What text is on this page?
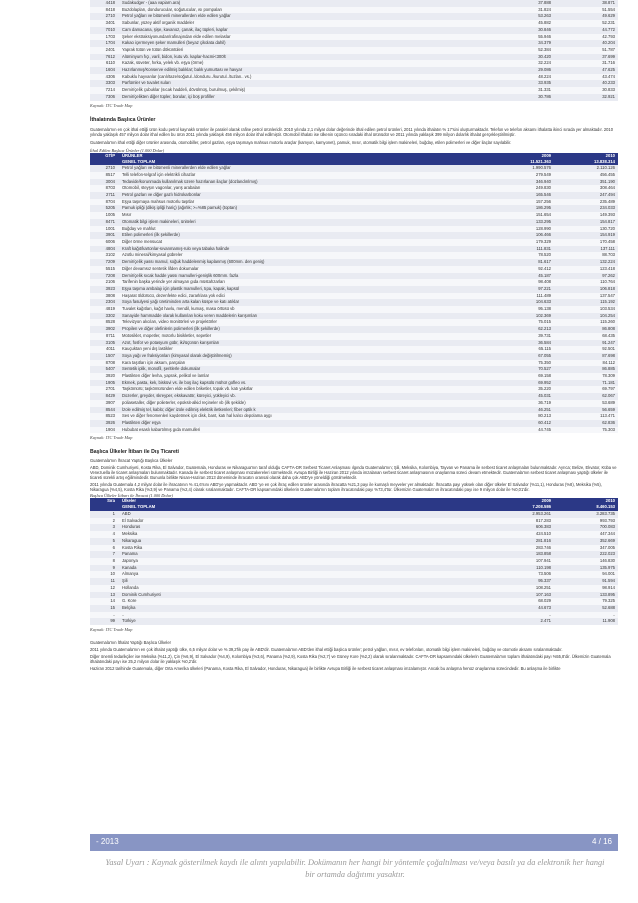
4418	Sudakudger - (aaa vapiarn.ara)	37.888	38.871
8418	Buzdolapları, dondurucular, soğutucular, ısı pompaları	31.824	51.554
2710	Petrol yağları ve bitümenli minerallerden elde edilen yağlar	53.263	49.629
3401	Sabunlar, yüzey aktif organik maddeler	45.882	52.231
7010	Cam damacana, şişe, kavanoz, çanak, ilaç tüpleri, kaplar	30.846	44.772
1703	Şeker ekstraksiyonundan/rafinajından elde edilen melaslar	55.946	42.793
1704	Kakao içermeyen şeker mamulleri (beyaz çikolata dahil)	34.379	40.204
2401	Yaprak tütün ve tütün döküntüleri	52.384	51.787
7612	Alüminyum fıçı, varil, bidon, kutu vb. kaplar-hacmi<300lt	30.420	37.699
6110	Kazak, süveter, hırka, yelek vb. eşya (örme)	32.224	31.716
1604	Hazırlanmış/Konserve edilmiş balıklar; balık yumurtası ve havyar	29.086	47.625
4306	Kabuklu hayvanlar (canlı/taze/soğutul../donduru../kurutul../tuzlan.. vs.)	48.224	43.474
3303	Parfümler ve tuvalet suları	33.935	40.233
7214	Demir/çelik çubuklar (sıcak haddeli, dövülmüş, burulmuş, çekilmiş)	31.331	30.833
7306	Demir/çelikten diğer tüpler, borular, içi boş profiller	30.786	32.921
Kaynak: ITC Trade Map

İthalatında Başlıca Ürünler

Guatemala'nın en çok ithal ettiği ürün kodu petrol kaynaklı ürünler ile paralel olarak rafine petrol ürünleridir. 2010 yılında 2,1 milyar dolar değerinde ithal edilen petrol ürünleri, 2011 yılında ithalatın % 17'sini oluşturmaktadır. Telefon ve telefon aksamı ithalatta ikinci sırada yer almaktadır. 2010 yılında yaklaşık 457 milyon dolar ithal edilen bu ürün 2011 yılında yaklaşık 456 milyon dolar ithal edilmiştir. Otomobil ithalatı ise ülkenin üçüncü sıradaki ithal ürünüdür ve 2011 yılında yaklaşık 399 milyon dolarlık ithalat gerçekleştirilmiştir.

Guatemala'nın ithal ettiği diğer ürünler arasında, otomobiller, petrol gazları, eşya taşımaya mahsus motorlu araçlar (kamyon, kamyonet), pamuk, mısır, otomatik bilgi işlem makineleri, buğday, etilen polimerleri ve diğer ilaçlar sayılabilir.

İthal Edilen Başlıca Ürünler (1.000 Dolar)

GTİP	ÜRÜNLER	2009	2010
	GENEL TOPLAM	11.521.363	13.838.314
2710	Petrol yağları ve bitümenli minerallerden elde edilen yağlar	1.990.576	2.110.126
8517	Telli telefon-telgraf için elektrikli cihazlar	279.549	456.455
3004	Tedavide/korunmada kullanılmak üzere hazırlanan ilaçlar (dozlandırılmış)	346.940	351.190
8703	Otomobil, steyşın vagonlar, yarış arabaları	249.830	308.464
2711	Petrol gazları ve diğer gazlı hidrokarbonlar	165.546	247.494
8704	Eşya taşımaya mahsus motorlu taşıtlar	157.256	235.489
5205	Pamuk ipliği (dikiş ipliği hariç) (ağırlık; >=%85 pamuk) (toptan)	186.295	234.033
1005	Mısır	151.654	149.393
8471	Otomatik bilgi işlem makineleri, üniteleri	133.295	154.817
1001	Buğday ve mahlut	128.990	130.720
3901	Etilen polimerleri (ilk şekillerde)	106.466	154.919
6006	Diğer örme mensucat	179.329	170.458
4804	Kraft kağıt/kartonlar-sıvanmamış-rulo veya tabaka halinde	111.831	137.111
3102	Azotlu mineral/kimyasal gübreler	78.520	88.703
7209	Demir/çelik yassı mamul, soğuk haddelenmiş kaplanmış (600mm. den geniş)	81.617	132.224
5515	Diğer devamsız sentetik lifden dokumalar	92.412	123.418
7208	Demir/çelik sıcak hadde yassı mamulleri-genişlik 600mm. fazla	45.187	97.262
2106	Tarifenin başka yerinde yer almayan gıda müstahzarları	98.408	110.764
3923	Eşya taşıma ambalajı için plastik mamulleri, tıpa, kapak, kapsül	97.221	106.818
3808	Haşarat öldürücü, dezenfekte edici, zararlılara yok edici	111.489	137.547
2304	Soya fasulyesi yağı üretiminden arta kalan küspe ve katı atıklar	104.633	115.192
4819	Tuvalet kağıtları, kağıt havlu, mendil, kumaş, masa örtüsü vb	95.138	103.534
3302	Sanayide hammadde olarak kullanılan koku veren maddelerin karışımları	102.369	104.254
8528	Televizyon alıcıları, video monitörleri ve projektörler	75.015	115.260
3902	Propilen ve diğer olefinlerin polimerleri (ilk şekillerde)	62.213	86.808
8711	Motosiklet, mopetler, motorlu bisikletler, sepetler	39.731	68.435
3105	Azot, fosfor ve potasyum gübr, iki/üçünün karışımları	36.584	91.247
4011	Kauçuktan yeni dış lastikler	65.115	92.501
1507	Soya yağı ve fraksiyonları (kimyasal olarak değiştirilmemiş)	67.055	87.698
8708	Kara taşıtları için aksam, parçaları	75.350	84.112
5407	Sentetik iplik, monofil, şeritlerle dokumalar	70.527	86.885
3920	Plastikten diğer levha, yaprak, pelikül ve lamlar	69.158	78.309
1905	Ekmek, pasta, kek, bisküvi vs. ile boş ilaç kapsülü mühür gofleo vs.	69.952	71.181
2701	Taşkömürü; taşkömüründen elde edilen briketler, topak vb. katı yakıtlar	35.220	69.797
8429	Dozerler, greyder, skreyper, ekskavatör, küreyici, yükleyici vb.	45.031	62.067
3907	poliasetaller, diğer polieterler, epoksit-alkid reçineler vb (ilk şekilde)	36.719	53.689
8544	İzole edilmiş tel, kablo; diğer izole edilmiş elektrik iletkenleri; fiber optik k	46.251	56.659
8523	Ses ve diğer fenomenleri kaydetmek için disk, bant, katı hal kalıcı depolama aygı	80.213	113.471
3926	Plastikten diğer eşya	60.412	62.836
1904	Hububat esaslı kabartılmış gıda mamulleri	44.745	75.303
Kaynak: ITC Trade Map

Başlıca Ülkeler İtibarı ile Dış Ticareti

Guatemala'nın İhracat Yaptığı Başlıca Ülkeler

ABD, Dominik Cumhuriyeti, Kosta Rika, El Salvador, Guatemala, Honduras ve Nikaragua'nın taraf olduğu CAFTA-DR Serbest Ticaret Anlaşması ılgında Guatemala'nın; Şili, Meksika, Kolombiya, Tayvan ve Panama ile serbest ticaret anlaşmaları bulunmaktadır. Ayrıca; Belize, Ekvator, Küba ve Venezuella ile ticaret anlaşmaları bulunmaktadır. Kanada ile serbest ticaret anlaşması müzakereleri sürmektedir. Avrupa Birliği ile Haziran 2012 yılında imzalanan serbest ticaret anlaşmasının onaylanma süreci devam etmektedir. Guatemala'nın serbest ticaret anlaşması yaptığı ülkeler ile ticareti sürekli artış eğilimindedir. Bununla birlikte Nisan-Haziran 2013 döneminde ihracatın oransal olarak daha çok ABD'ye yöneldiği görülmektedir.

2011 yılında Guatemala 4,2 milyar dolar ile ihracatının % 41,6'sını ABD'ye yapmaktadır. ABD 'ye en çok ihraç edilen ürünler arasında ihracatta %21,3 payı ile kumaşlı meyveler yer almaktadır. İhracatta payı yüksek olan diğer ülkeler El Salvador (%11,1), Honduras (%8), Meksika (%5), Nikaragua (%4,5), Kosta Rika (%3,9) ve Panama (%2,4) olarak sıralanmaktadır. CAFTA-DR kapsamındaki ülkelerin Guatemala'nın toplam ihracatındaki payı %73,4'tür. Ülkemizin Guatemala'nın ihracatındaki payı ise 9 milyon dolar ile %0,01'dir.

Başlıca Ülkeler İtibarı ile İhracat (1.000 Dolar)

Sıra	Ülkeler	2009	2010
	GENEL TOPLAM	7.208.586	8.460.153
1	ABD	2.953.261	3.283.735
2	El Salvador	817.283	993.793
3	Honduras	606.383	700.083
4	Meksika	424.510	447.344
5	Nikaragua	281.816	352.669
6	Kosta Rika	283.746	347.005
7	Panama	183.858	222.023
8	Japonya	107.941	146.830
9	Kanada	110.198	135.975
10	Almanya	73.506	94.001
11	Şili	95.337	91.594
12	Hollanda	108.251	98.914
13	Dominik Cumhuriyeti	107.163	133.895
14	G. Kore	68.029	79.325
15	Belçika	44.673	52.688
..	..	..	..
99	Türkiye	2.471	11.908
Kaynak: ITC Trade Map

Guatemala'nın İthalat Yaptığı Başlıca Ülkeler

2011 yılında Guatemala'nın en çok ithalat yaptığı ülke, 6,5 milyar dolar ve % 39,2'lik pay ile ABD'dir. Guatemala'nın ABD'den ithal ettiği başlıca ürünler; petrol yağları, mısır, ev telefonları, otomatik bilgi işlem makineleri, buğday ve otomotiv aksamı sıralanmaktadır.

Diğer önemli tedarikçiler ise Meksika (%11,2), Çin (%6,9), El Salvador (%4,9), Kolombiya (%3,6), Panama (%2,9), Kosta Rika (%2,7) ve Güney Kore (%2,2) olarak sıralanmaktadır. CAFTA-DR kapsamındaki ülkelerin Guatemala'nın toplam ithalatındaki payı %55,8'dir. Ülkemizin Guatemala ithalatındaki payı ise 25,2 milyon dolar ile yaklaşık %0,2'dir.

Haziran 2012 tarihinde Guatemala, diğer Orta Amerika ülkeleri (Panama, Kosta Rika, El Salvador, Honduras, Nikaragua) ile birlikte Avrupa Birliği ile serbest ticaret anlaşması imzalamıştır. Ancak bu anlaşma henüz onaylanma sürecindedir. Bu anlaşma ile birlikte

- 2013	4 / 16
Yasal Uyarı : Kaynak gösterilmek kaydı ile alıntı yapılabilir. Dokümanın her hangi bir yöntemle çoğaltılması ve/veya basılı ya da elektronik her hangi bir ortamda dağıtımı yasaktır.
